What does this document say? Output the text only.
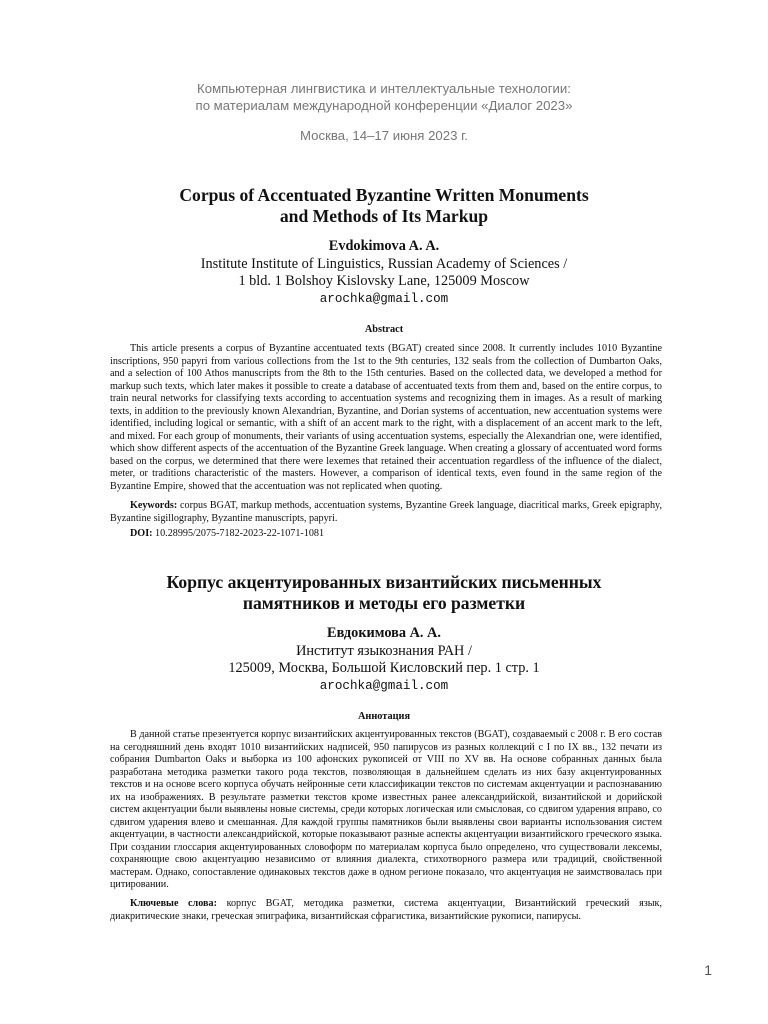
Компьютерная лингвистика и интеллектуальные технологии:
по материалам международной конференции «Диалог 2023»
Москва, 14–17 июня 2023 г.
Corpus of Accentuated Byzantine Written Monuments
and Methods of Its Markup
Evdokimova A. A.
Institute Institute of Linguistics, Russian Academy of Sciences /
1 bld. 1 Bolshoy Kislovsky Lane, 125009 Moscow
arochka@gmail.com
Abstract

This article presents a corpus of Byzantine accentuated texts (BGAT) created since 2008. It currently includes 1010 Byzantine inscriptions, 950 papyri from various collections from the 1st to the 9th centuries, 132 seals from the collection of Dumbarton Oaks, and a selection of 100 Athos manuscripts from the 8th to the 15th centuries. Based on the collected data, we developed a method for markup such texts, which later makes it possible to create a database of accentuated texts from them and, based on the entire corpus, to train neural networks for classifying texts according to accentuation systems and recognizing them in images. As a result of marking texts, in addition to the previously known Alexandrian, Byzantine, and Dorian systems of accentuation, new accentuation systems were identified, including logical or semantic, with a shift of an accent mark to the right, with a displacement of an accent mark to the left, and mixed. For each group of monuments, their variants of using accentuation systems, especially the Alexandrian one, were identified, which show different aspects of the accentuation of the Byzantine Greek language. When creating a glossary of accentuated word forms based on the corpus, we determined that there were lexemes that retained their accentuation regardless of the influence of the dialect, meter, or traditions characteristic of the masters. However, a comparison of identical texts, even found in the same region of the Byzantine Empire, showed that the accentuation was not replicated when quoting.

Keywords: corpus BGAT, markup methods, accentuation systems, Byzantine Greek language, diacritical marks, Greek epigraphy, Byzantine sigillography, Byzantine manuscripts, papyri.

DOI: 10.28995/2075-7182-2023-22-1071-1081

Корпус акцентуированных византийских письменных
памятников и методы его разметки
Евдокимова А. А.
Институт языкознания РАН /
125009, Москва, Большой Кисловский пер. 1 стр. 1
arochka@gmail.com
Аннотация

В данной статье презентуется корпус византийских акцентуированных текстов (BGAT), создаваемый с 2008 г. В его состав на сегодняшний день входят 1010 византийских надписей, 950 папирусов из разных коллекций с I по IX вв., 132 печати из собрания Dumbarton Oaks и выборка из 100 афонских рукописей от VIII по XV вв. На основе собранных данных была разработана методика разметки такого рода текстов, позволяющая в дальнейшем сделать из них базу акцентуированных текстов и на основе всего корпуса обучать нейронные сети классификации текстов по системам акцентуации и распознаванию их на изображениях. В результате разметки текстов кроме известных ранее александрийской, византийской и дорийской систем акцентуации были выявлены новые системы, среди которых логическая или смысловая, со сдвигом ударения вправо, со сдвигом ударения влево и смешанная. Для каждой группы памятников были выявлены свои варианты использования систем акцентуации, в частности александрийской, которые показывают разные аспекты акцентуации византийского греческого языка. При создании глоссария акцентуированных словоформ по материалам корпуса было определено, что существовали лексемы, сохраняющие свою акцентуацию независимо от влияния диалекта, стихотворного размера или традиций, свойственной мастерам. Однако, сопоставление одинаковых текстов даже в одном регионе показало, что акцентуация не заимствовалась при цитировании.

Ключевые слова: корпус BGAT, методика разметки, система акцентуации, Византийский греческий язык, диакритические знаки, греческая эпиграфика, византийская сфрагистика, византийские рукописи, папирусы.

1
